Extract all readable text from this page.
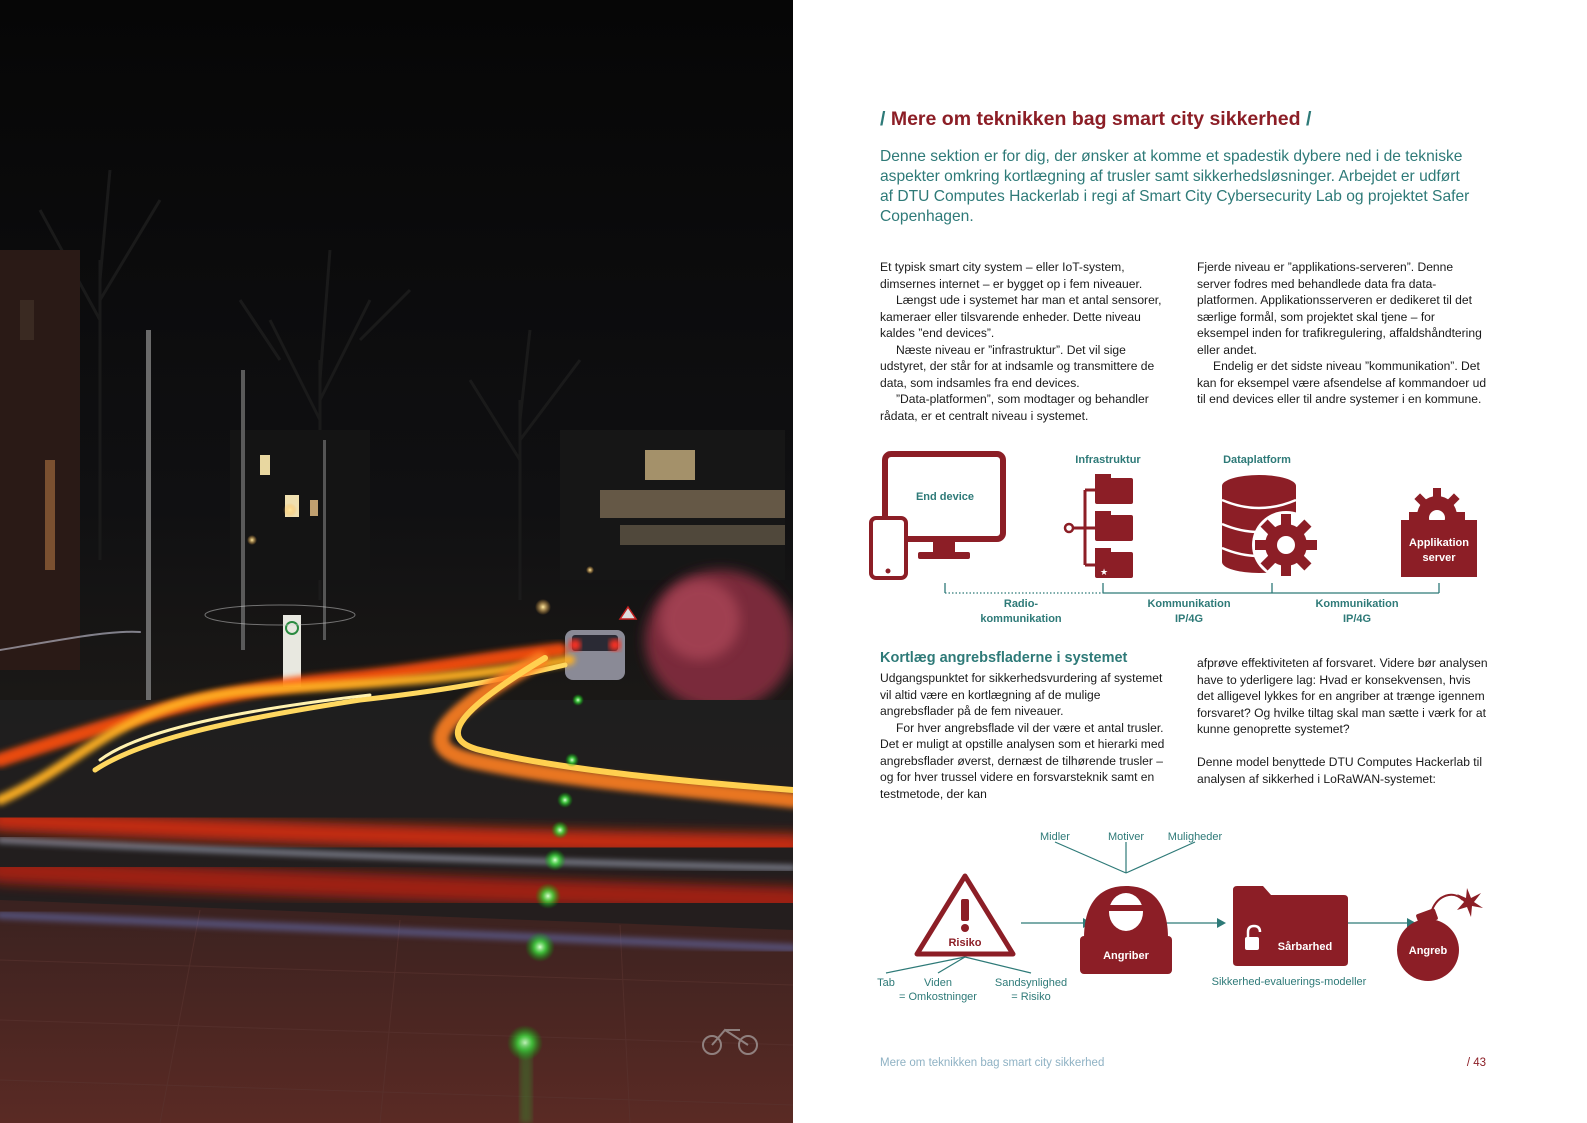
/ Mere om teknikken bag smart city sikkerhed /

Denne sektion er for dig, der ønsker at komme et spadestik dybere ned i de tekniske aspekter omkring kortlægning af trusler samt sikkerhedsløsninger. Arbejdet er udført af DTU Computes Hackerlab i regi af Smart City Cybersecurity Lab og projektet Safer Copenhagen.

Et typisk smart city system – eller IoT-system, dimsernes internet – er bygget op i fem niveauer.

Længst ude i systemet har man et antal sensorer, kameraer eller tilsvarende enheder. Dette niveau kaldes ”end devices”.

Næste niveau er ”infrastruktur”. Det vil sige udstyret, der står for at indsamle og transmittere de data, som indsamles fra end devices.

”Data-platformen”, som modtager og behandler rådata, er et centralt niveau i systemet.

Fjerde niveau er ”applikations-serveren”. Denne server fodres med behandlede data fra data-platformen. Applikationsserveren er dedikeret til det særlige formål, som projektet skal tjene – for eksempel inden for trafikregulering, affaldshåndtering eller andet.

Endelig er det sidste niveau ”kommunikation”. Det kan for eksempel være afsendelse af kommandoer ud til end devices eller til andre systemer i en kommune.

End device
Infrastruktur
★
Dataplatform
Applikation
server
Radio-
kommunikation
Kommunikation
IP/4G
Kommunikation
IP/4G
Midler	Motiver Muligheder
Risiko
Angriber
Sårbarhed	Angreb
Tab	Viden
= Omkostninger
Sandsynlighed
= Risiko
Sikkerhed-evaluerings-modeller
Kortlæg angrebsfladerne i systemet

Udgangspunktet for sikkerhedsvurdering af systemet vil altid være en kortlægning af de mulige angrebsflader på de fem niveauer.

For hver angrebsflade vil der være et antal trusler. Det er muligt at opstille analysen som et hierarki med angrebsflader øverst, dernæst de tilhørende trusler – og for hver trussel videre en forsvarsteknik samt en testmetode, der kan

afprøve effektiviteten af forsvaret. Videre bør analysen have to yderligere lag: Hvad er konsekvensen, hvis det alligevel lykkes for en angriber at trænge igennem forsvaret? Og hvilke tiltag skal man sætte i værk for at kunne genoprette systemet?

Denne model benyttede DTU Computes Hackerlab til analysen af sikkerhed i LoRaWAN-systemet:

Mere om teknikken bag smart city sikkerhed	/ 43
